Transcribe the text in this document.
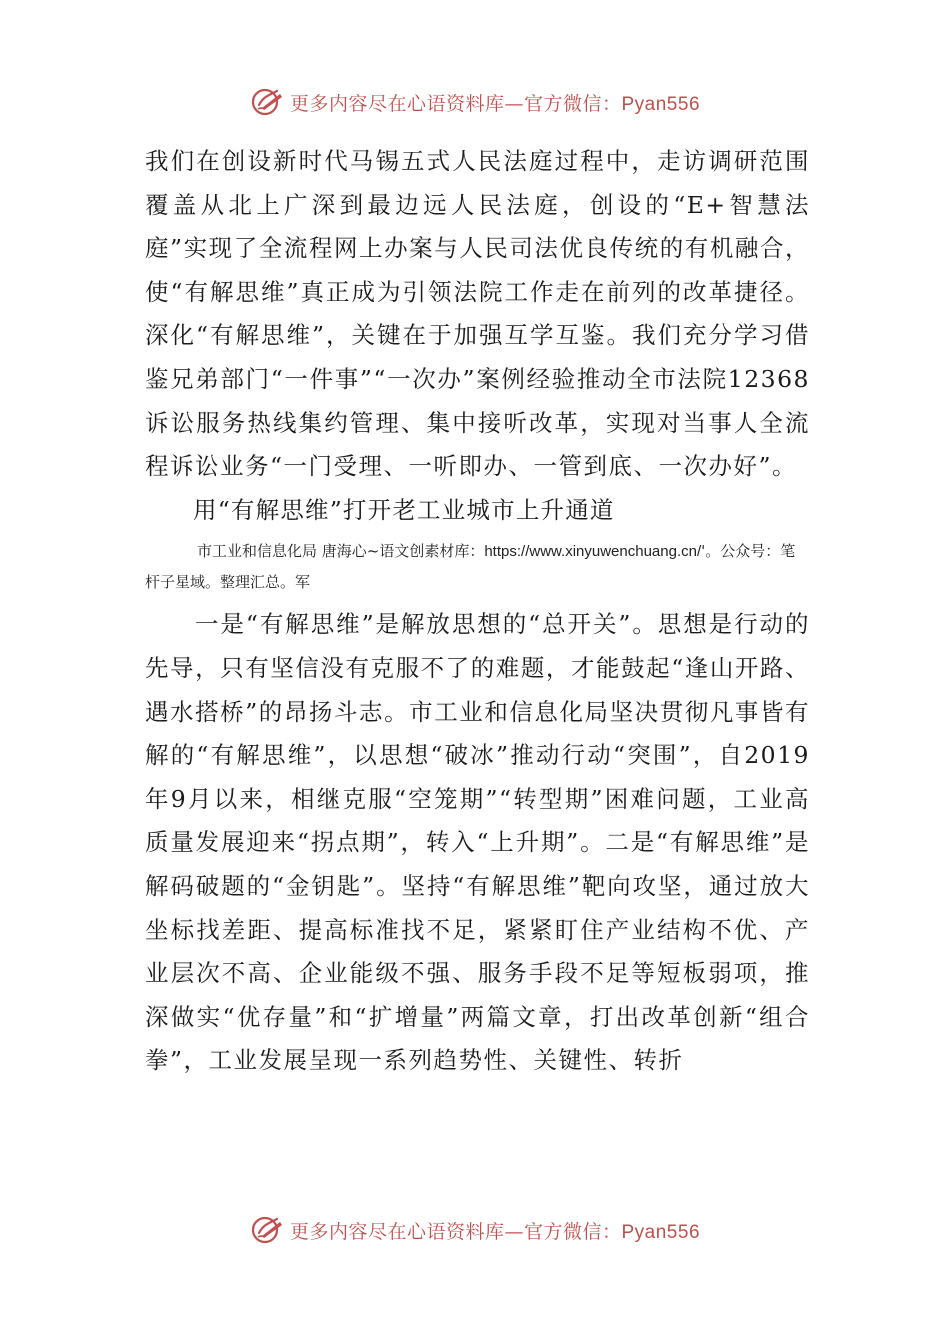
更多内容尽在心语资料库—官方微信：Pyan556

我们在创设新时代马锡五式人民法庭过程中，走访调研范围覆盖从北上广深到最边远人民法庭，创设的“E+智慧法庭”实现了全流程网上办案与人民司法优良传统的有机融合，使“有解思维”真正成为引领法院工作走在前列的改革捷径。深化“有解思维”，关键在于加强互学互鉴。我们充分学习借鉴兄弟部门“一件事”“一次办”案例经验推动全市法院12368诉讼服务热线集约管理、集中接听改革，实现对当事人全流程诉讼业务“一门受理、一听即办、一管到底、一次办好”。

用“有解思维”打开老工业城市上升通道

市工业和信息化局 唐海心~语文创素材库：https://www.xinyuwenchuang.cn/'。公众号：笔杆子星域。整理汇总。军

一是“有解思维”是解放思想的“总开关”。思想是行动的先导，只有坚信没有克服不了的难题，才能鼓起“逢山开路、遇水搭桥”的昂扬斗志。市工业和信息化局坚决贯彻凡事皆有解的“有解思维”，以思想“破冰”推动行动“突围”，自2019年9月以来，相继克服“空笼期”“转型期”困难问题，工业高质量发展迎来“拐点期”，转入“上升期”。二是“有解思维”是解码破题的“金钥匙”。坚持“有解思维”靶向攻坚，通过放大坐标找差距、提高标准找不足，紧紧盯住产业结构不优、产业层次不高、企业能级不强、服务手段不足等短板弱项，推深做实“优存量”和“扩增量”两篇文章，打出改革创新“组合拳”，工业发展呈现一系列趋势性、关键性、转折

更多内容尽在心语资料库—官方微信：Pyan556
